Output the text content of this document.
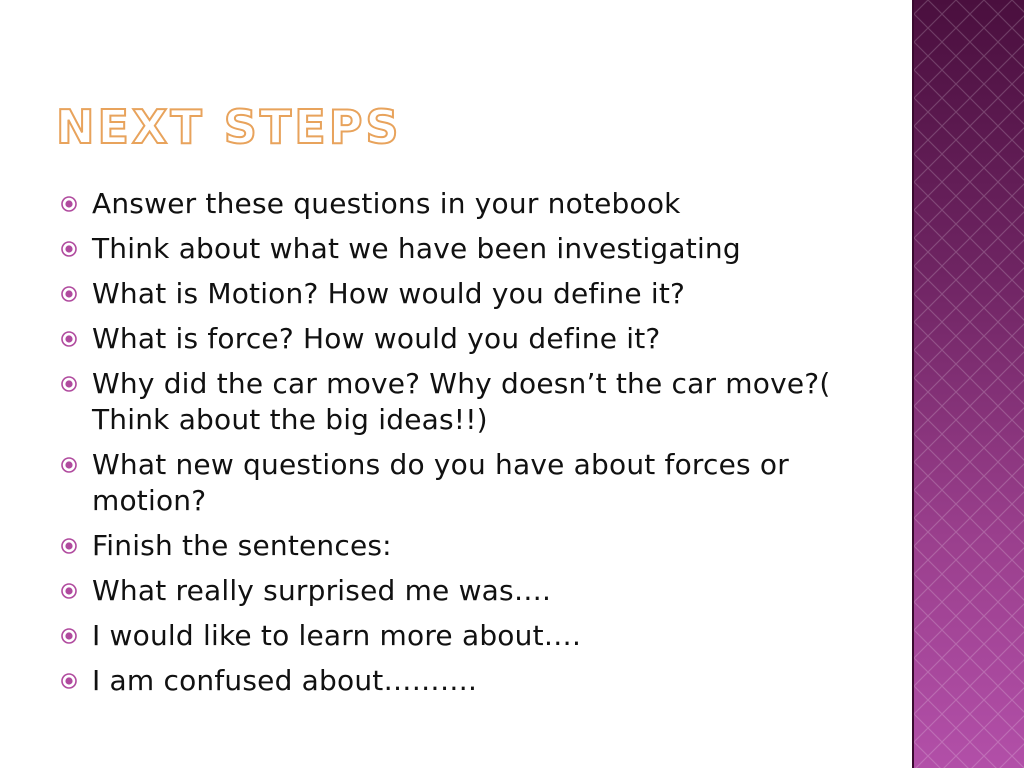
NEXT STEPS
Answer these questions in your notebook
Think about what we have been investigating
What is Motion? How would you define it?
What is force? How would you define it?
Why did the car move? Why doesn’t the car move?( Think about the big ideas!!)
What new questions do you have about forces or motion?
Finish the sentences:
What really surprised me was….
I would like to learn more about….
I am confused about……….
